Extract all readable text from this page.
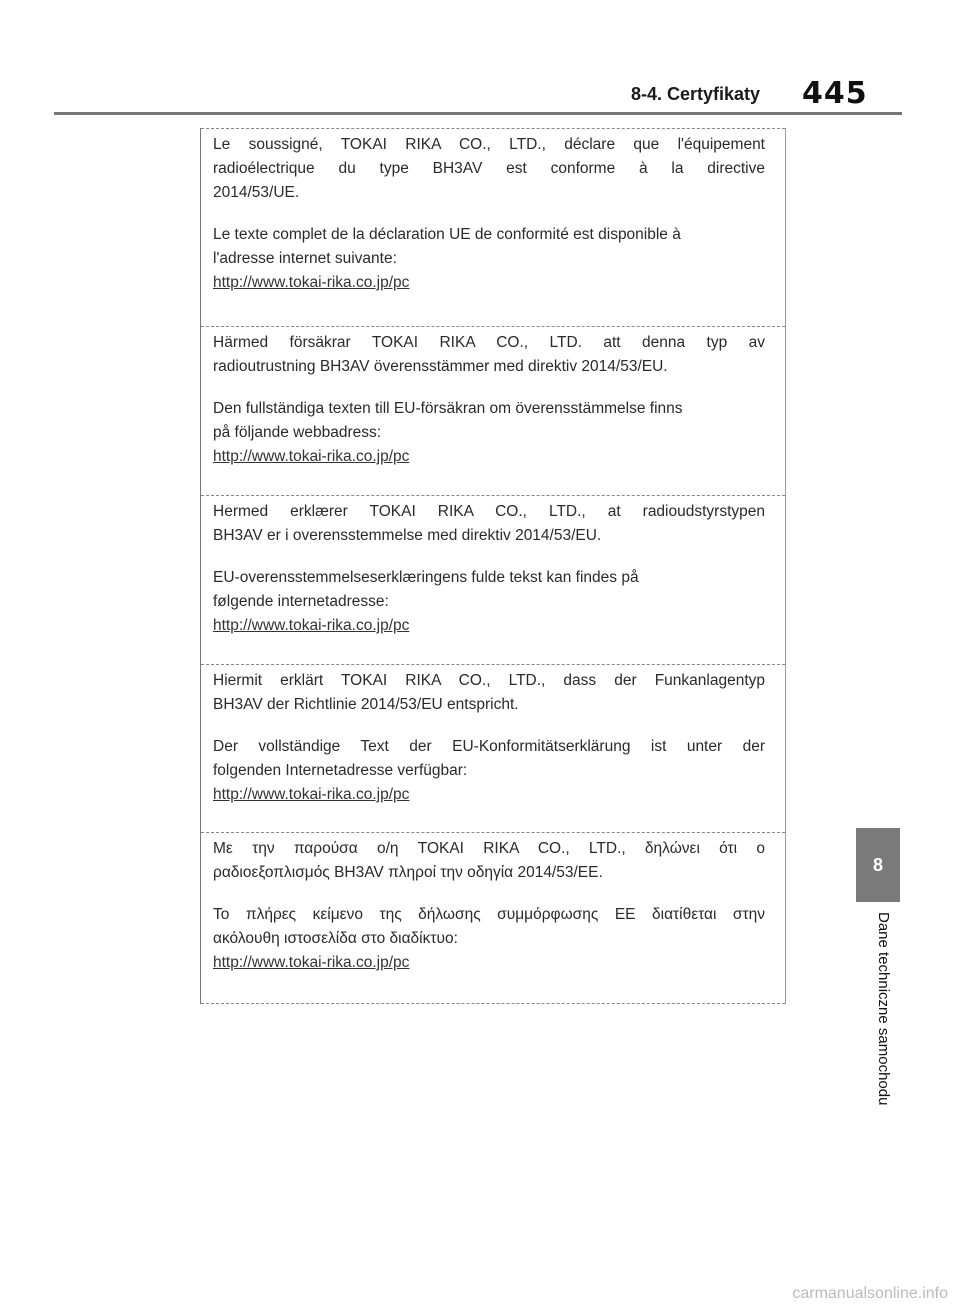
8-4. Certyfikaty 445
Le soussigné, TOKAI RIKA CO., LTD., déclare que l'équipement
radioélectrique du type BH3AV est conforme à la directive
2014/53/UE.
Le texte complet de la déclaration UE de conformité est disponible à
l'adresse internet suivante:
http://www.tokai-rika.co.jp/pc
Härmed försäkrar TOKAI RIKA CO., LTD. att denna typ av
radioutrustning BH3AV överensstämmer med direktiv 2014/53/EU.
Den fullständiga texten till EU-försäkran om överensstämmelse finns
på följande webbadress:
http://www.tokai-rika.co.jp/pc
Hermed erklærer TOKAI RIKA CO., LTD., at radioudstyrstypen
BH3AV er i overensstemmelse med direktiv 2014/53/EU.
EU-overensstemmelseserklæringens fulde tekst kan findes på
følgende internetadresse:
http://www.tokai-rika.co.jp/pc
Hiermit erklärt TOKAI RIKA CO., LTD., dass der Funkanlagentyp
BH3AV der Richtlinie 2014/53/EU entspricht.
Der vollständige Text der EU-Konformitätserklärung ist unter der
folgenden Internetadresse verfügbar:
http://www.tokai-rika.co.jp/pc
Με την παρούσα ο/η TOKAI RIKA CO., LTD., δηλώνει ότι ο
ραδιοεξοπλισμός BH3AV πληροί την οδηγία 2014/53/ΕΕ.
Το πλήρες κείμενο της δήλωσης συμμόρφωσης ΕΕ διατίθεται στην
ακόλουθη ιστοσελίδα στο διαδίκτυο:
http://www.tokai-rika.co.jp/pc
8
Dane techniczne samochodu
carmanualsonline.info
